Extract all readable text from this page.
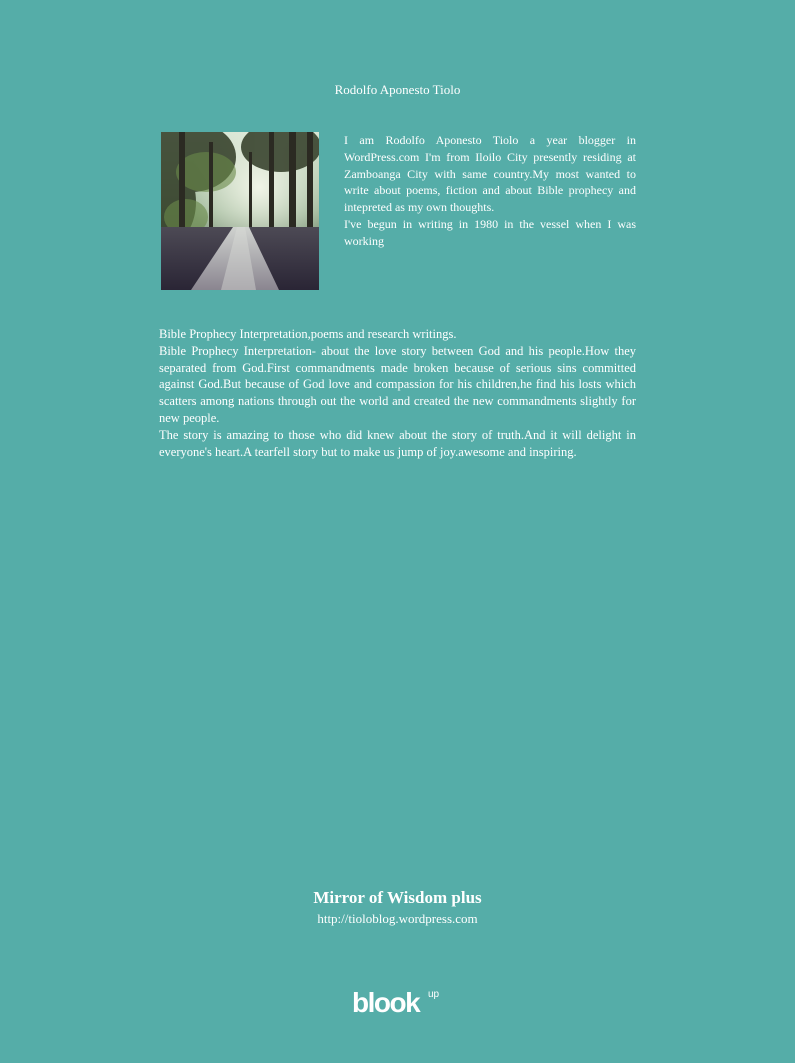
Rodolfo Aponesto Tiolo

I am Rodolfo Aponesto Tiolo a year blogger in WordPress.com I'm from Iloilo City presently residing at Zamboanga City with same country.My most wanted to write about poems, fiction and about Bible prophecy and intepreted as my own thoughts.

I've begun in writing in 1980 in the vessel when I was working

Bible Prophecy Interpretation,poems and research writings.

Bible Prophecy Interpretation- about the love story between God and his people.How they separated from God.First commandments made broken because of serious sins committed against God.But because of God love and compassion for his children,he find his losts which scatters among nations through out the world and created the new commandments slightly for new people.

The story is amazing to those who did knew about the story of truth.And it will delight in everyone's heart.A tearfell story but to make us jump of joy.awesome and inspiring.

Mirror of Wisdom plus
http://tioloblog.wordpress.com
blook up
